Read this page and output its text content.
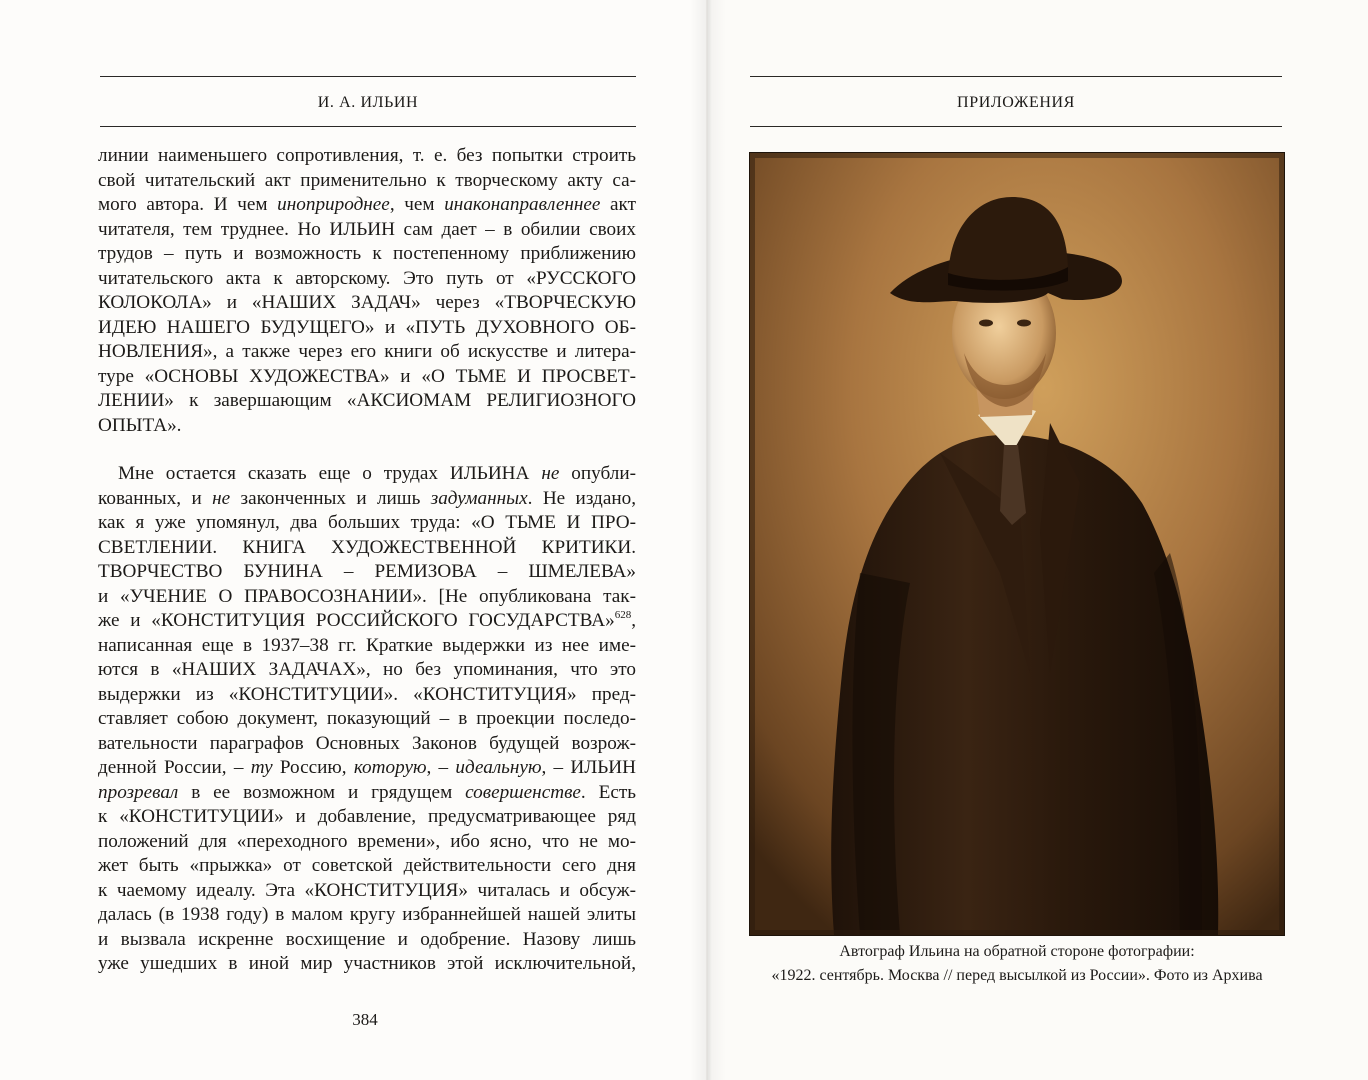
И. А. ИЛЬИН

линии наименьшего сопротивления, т. е. без попытки строить
свой читательский акт применительно к творческому акту са-
мого автора. И чем иноприроднее, чем инаконаправленнее акт
читателя, тем труднее. Но ИЛЬИН сам дает – в обилии своих
трудов – путь и возможность к постепенному приближению
читательского акта к авторскому. Это путь от «РУССКОГО
КОЛОКОЛА» и «НАШИХ ЗАДАЧ» через «ТВОРЧЕСКУЮ
ИДЕЮ НАШЕГО БУДУЩЕГО» и «ПУТЬ ДУХОВНОГО ОБ-
НОВЛЕНИЯ», а также через его книги об искусстве и литера-
туре «ОСНОВЫ ХУДОЖЕСТВА» и «О ТЬМЕ И ПРОСВЕТ-
ЛЕНИИ» к завершающим «АКСИОМАМ РЕЛИГИОЗНОГО
ОПЫТА».

Мне остается сказать еще о трудах ИЛЬИНА не опубли-
кованных, и не законченных и лишь задуманных. Не издано,
как я уже упомянул, два больших труда: «О ТЬМЕ И ПРО-
СВЕТЛЕНИИ. КНИГА ХУДОЖЕСТВЕННОЙ КРИТИКИ.
ТВОРЧЕСТВО БУНИНА – РЕМИЗОВА – ШМЕЛЕВА»
и «УЧЕНИЕ О ПРАВОСОЗНАНИИ». [Не опубликована так-
же и «КОНСТИТУЦИЯ РОССИЙСКОГО ГОСУДАРСТВА»$^{628}$,
написанная еще в 1937–38 гг. Краткие выдержки из нее име-
ются в «НАШИХ ЗАДАЧАХ», но без упоминания, что это
выдержки из «КОНСТИТУЦИИ». «КОНСТИТУЦИЯ» пред-
ставляет собою документ, показующий – в проекции последо-
вательности параграфов Основных Законов будущей возрож-
денной России, – ту Россию, которую, – идеальную, – ИЛЬИН
прозревал в ее возможном и грядущем совершенстве. Есть
к «КОНСТИТУЦИИ» и добавление, предусматривающее ряд
положений для «переходного времени», ибо ясно, что не мо-
жет быть «прыжка» от советской действительности сего дня
к чаемому идеалу. Эта «КОНСТИТУЦИЯ» читалась и обсуж-
далась (в 1938 году) в малом кругу избраннейшей нашей элиты
и вызвала искренне восхищение и одобрение. Назову лишь
уже ушедших в иной мир участников этой исключительной,

384
ПРИЛОЖЕНИЯ
Автограф Ильина на обратной стороне фотографии:
«1922. сентябрь. Москва // перед высылкой из России». Фото из Архива
